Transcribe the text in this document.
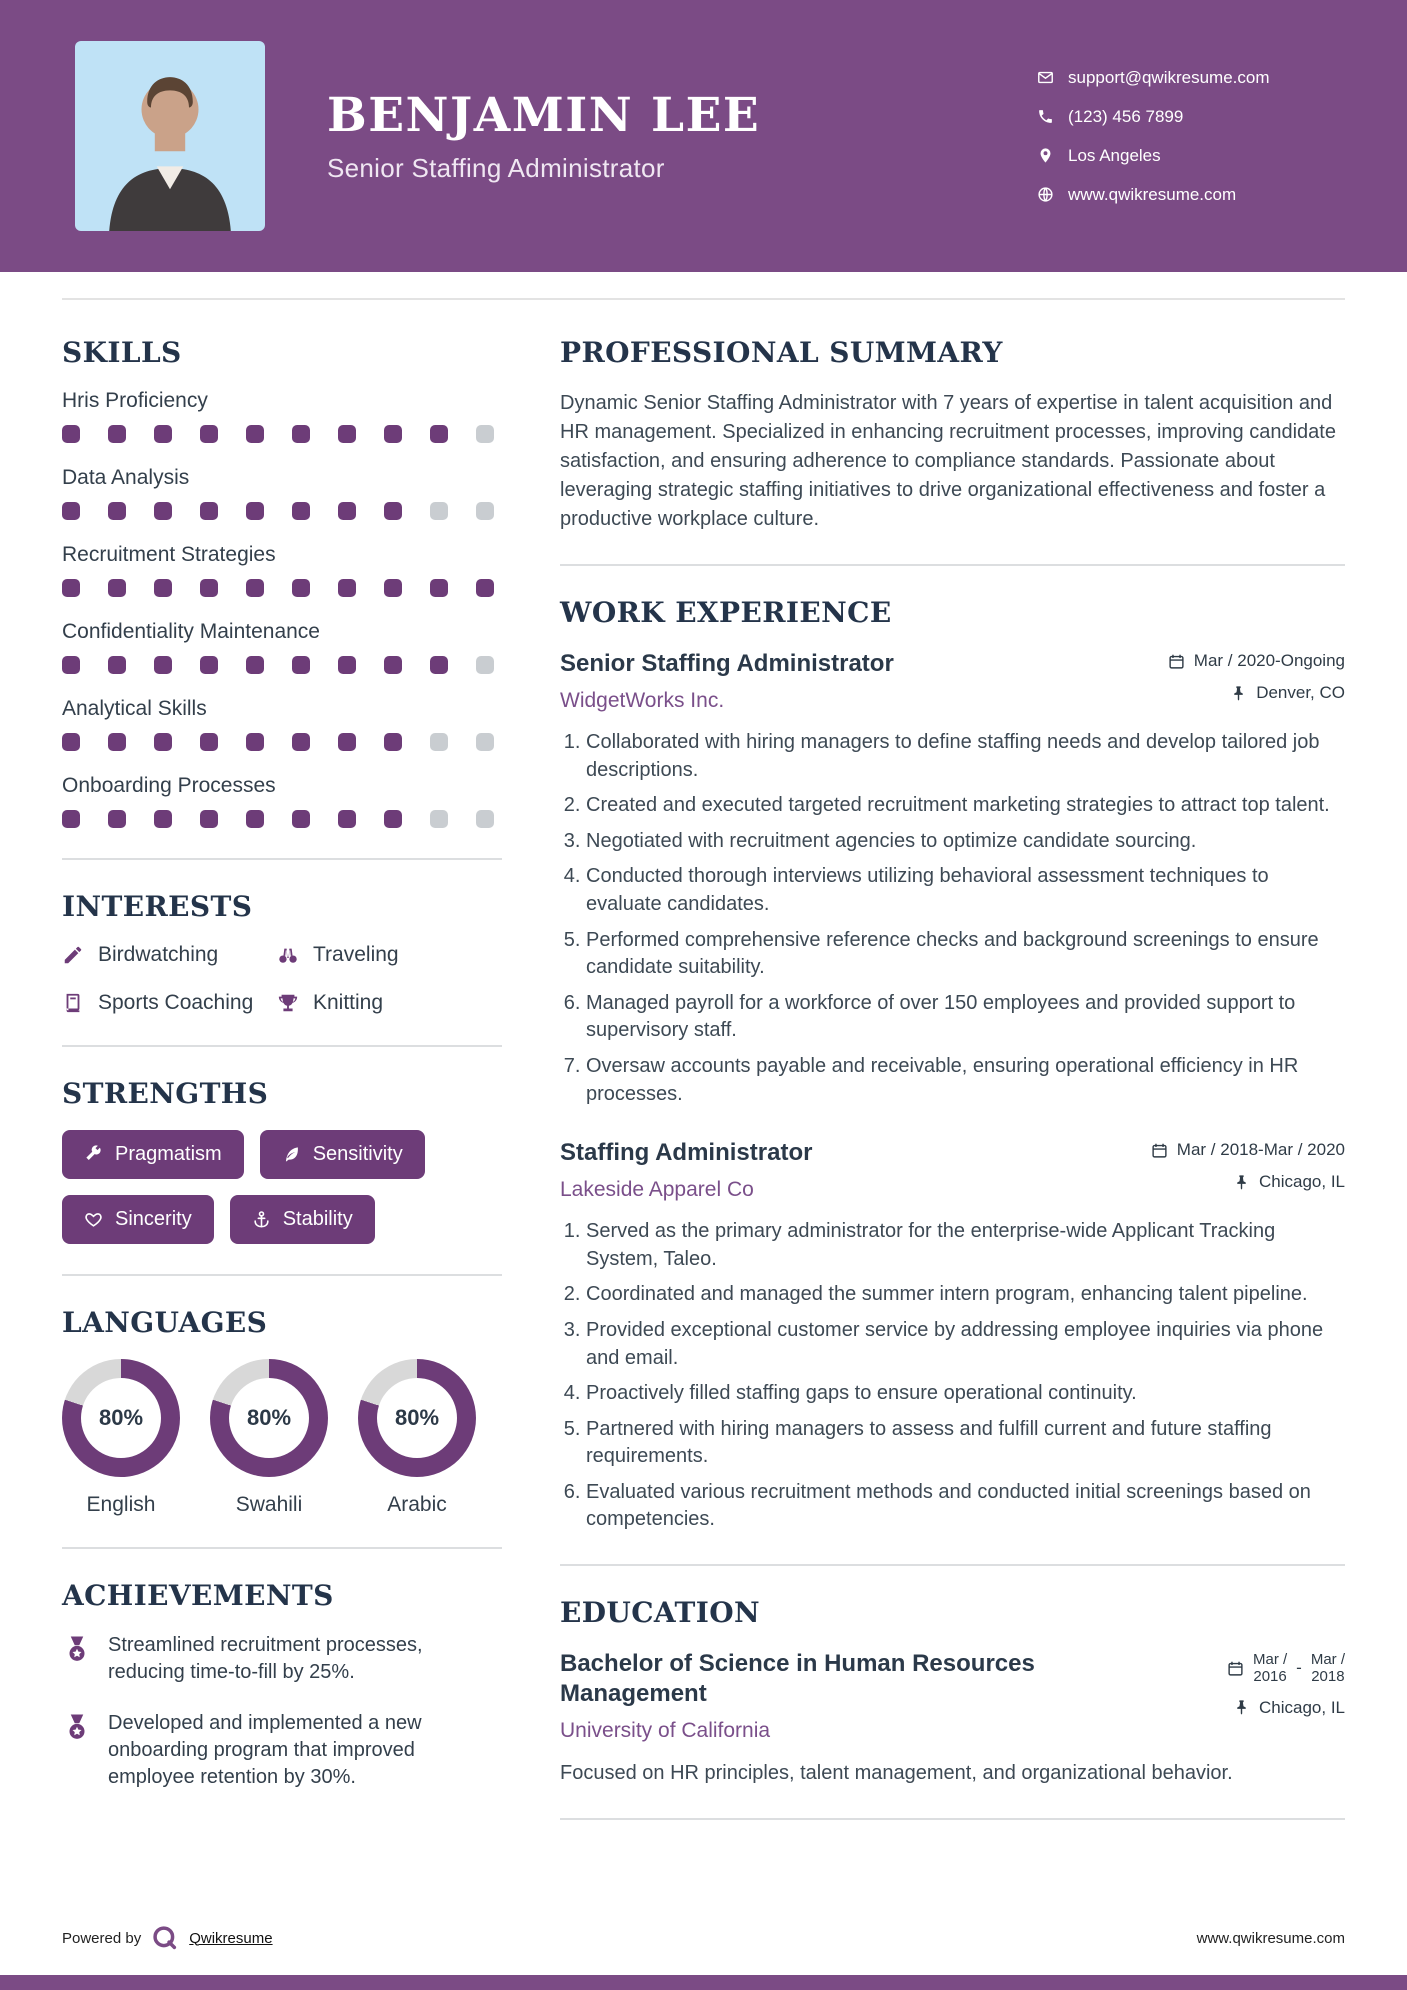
BENJAMIN LEE
Senior Staffing Administrator
support@qwikresume.com
(123) 456 7899
Los Angeles
www.qwikresume.com
SKILLS
Hris Proficiency
Data Analysis
Recruitment Strategies
Confidentiality Maintenance
Analytical Skills
Onboarding Processes
INTERESTS
Birdwatching	Traveling
Sports Coaching	Knitting
STRENGTHS
Pragmatism	Sensitivity
Sincerity	Stability
LANGUAGES
80%
English
80%
Swahili
80%
Arabic
ACHIEVEMENTS
Streamlined recruitment processes, reducing time-to-fill by 25%.
Developed and implemented a new onboarding program that improved employee retention by 30%.
PROFESSIONAL SUMMARY

Dynamic Senior Staffing Administrator with 7 years of expertise in talent acquisition and HR management. Specialized in enhancing recruitment processes, improving candidate satisfaction, and ensuring adherence to compliance standards. Passionate about leveraging strategic staffing initiatives to drive organizational effectiveness and foster a productive workplace culture.

WORK EXPERIENCE
Senior Staffing Administrator
WidgetWorks Inc.
Mar / 2020-Ongoing
Denver, CO
1. Collaborated with hiring managers to define staffing needs and develop tailored job descriptions.
2. Created and executed targeted recruitment marketing strategies to attract top talent.
3. Negotiated with recruitment agencies to optimize candidate sourcing.
4. Conducted thorough interviews utilizing behavioral assessment techniques to evaluate candidates.
5. Performed comprehensive reference checks and background screenings to ensure candidate suitability.
6. Managed payroll for a workforce of over 150 employees and provided support to supervisory staff.
7. Oversaw accounts payable and receivable, ensuring operational efficiency in HR processes.
Staffing Administrator
Lakeside Apparel Co
Mar / 2018-Mar / 2020
Chicago, IL
1. Served as the primary administrator for the enterprise-wide Applicant Tracking System, Taleo.
2. Coordinated and managed the summer intern program, enhancing talent pipeline.
3. Provided exceptional customer service by addressing employee inquiries via phone and email.
4. Proactively filled staffing gaps to ensure operational continuity.
5. Partnered with hiring managers to assess and fulfill current and future staffing requirements.
6. Evaluated various recruitment methods and conducted initial screenings based on competencies.
EDUCATION
Bachelor of Science in Human Resources Management
University of California
Mar /
2016 - Mar /
2018
Chicago, IL

Focused on HR principles, talent management, and organizational behavior.

Powered by	Qwikresume	www.qwikresume.com
